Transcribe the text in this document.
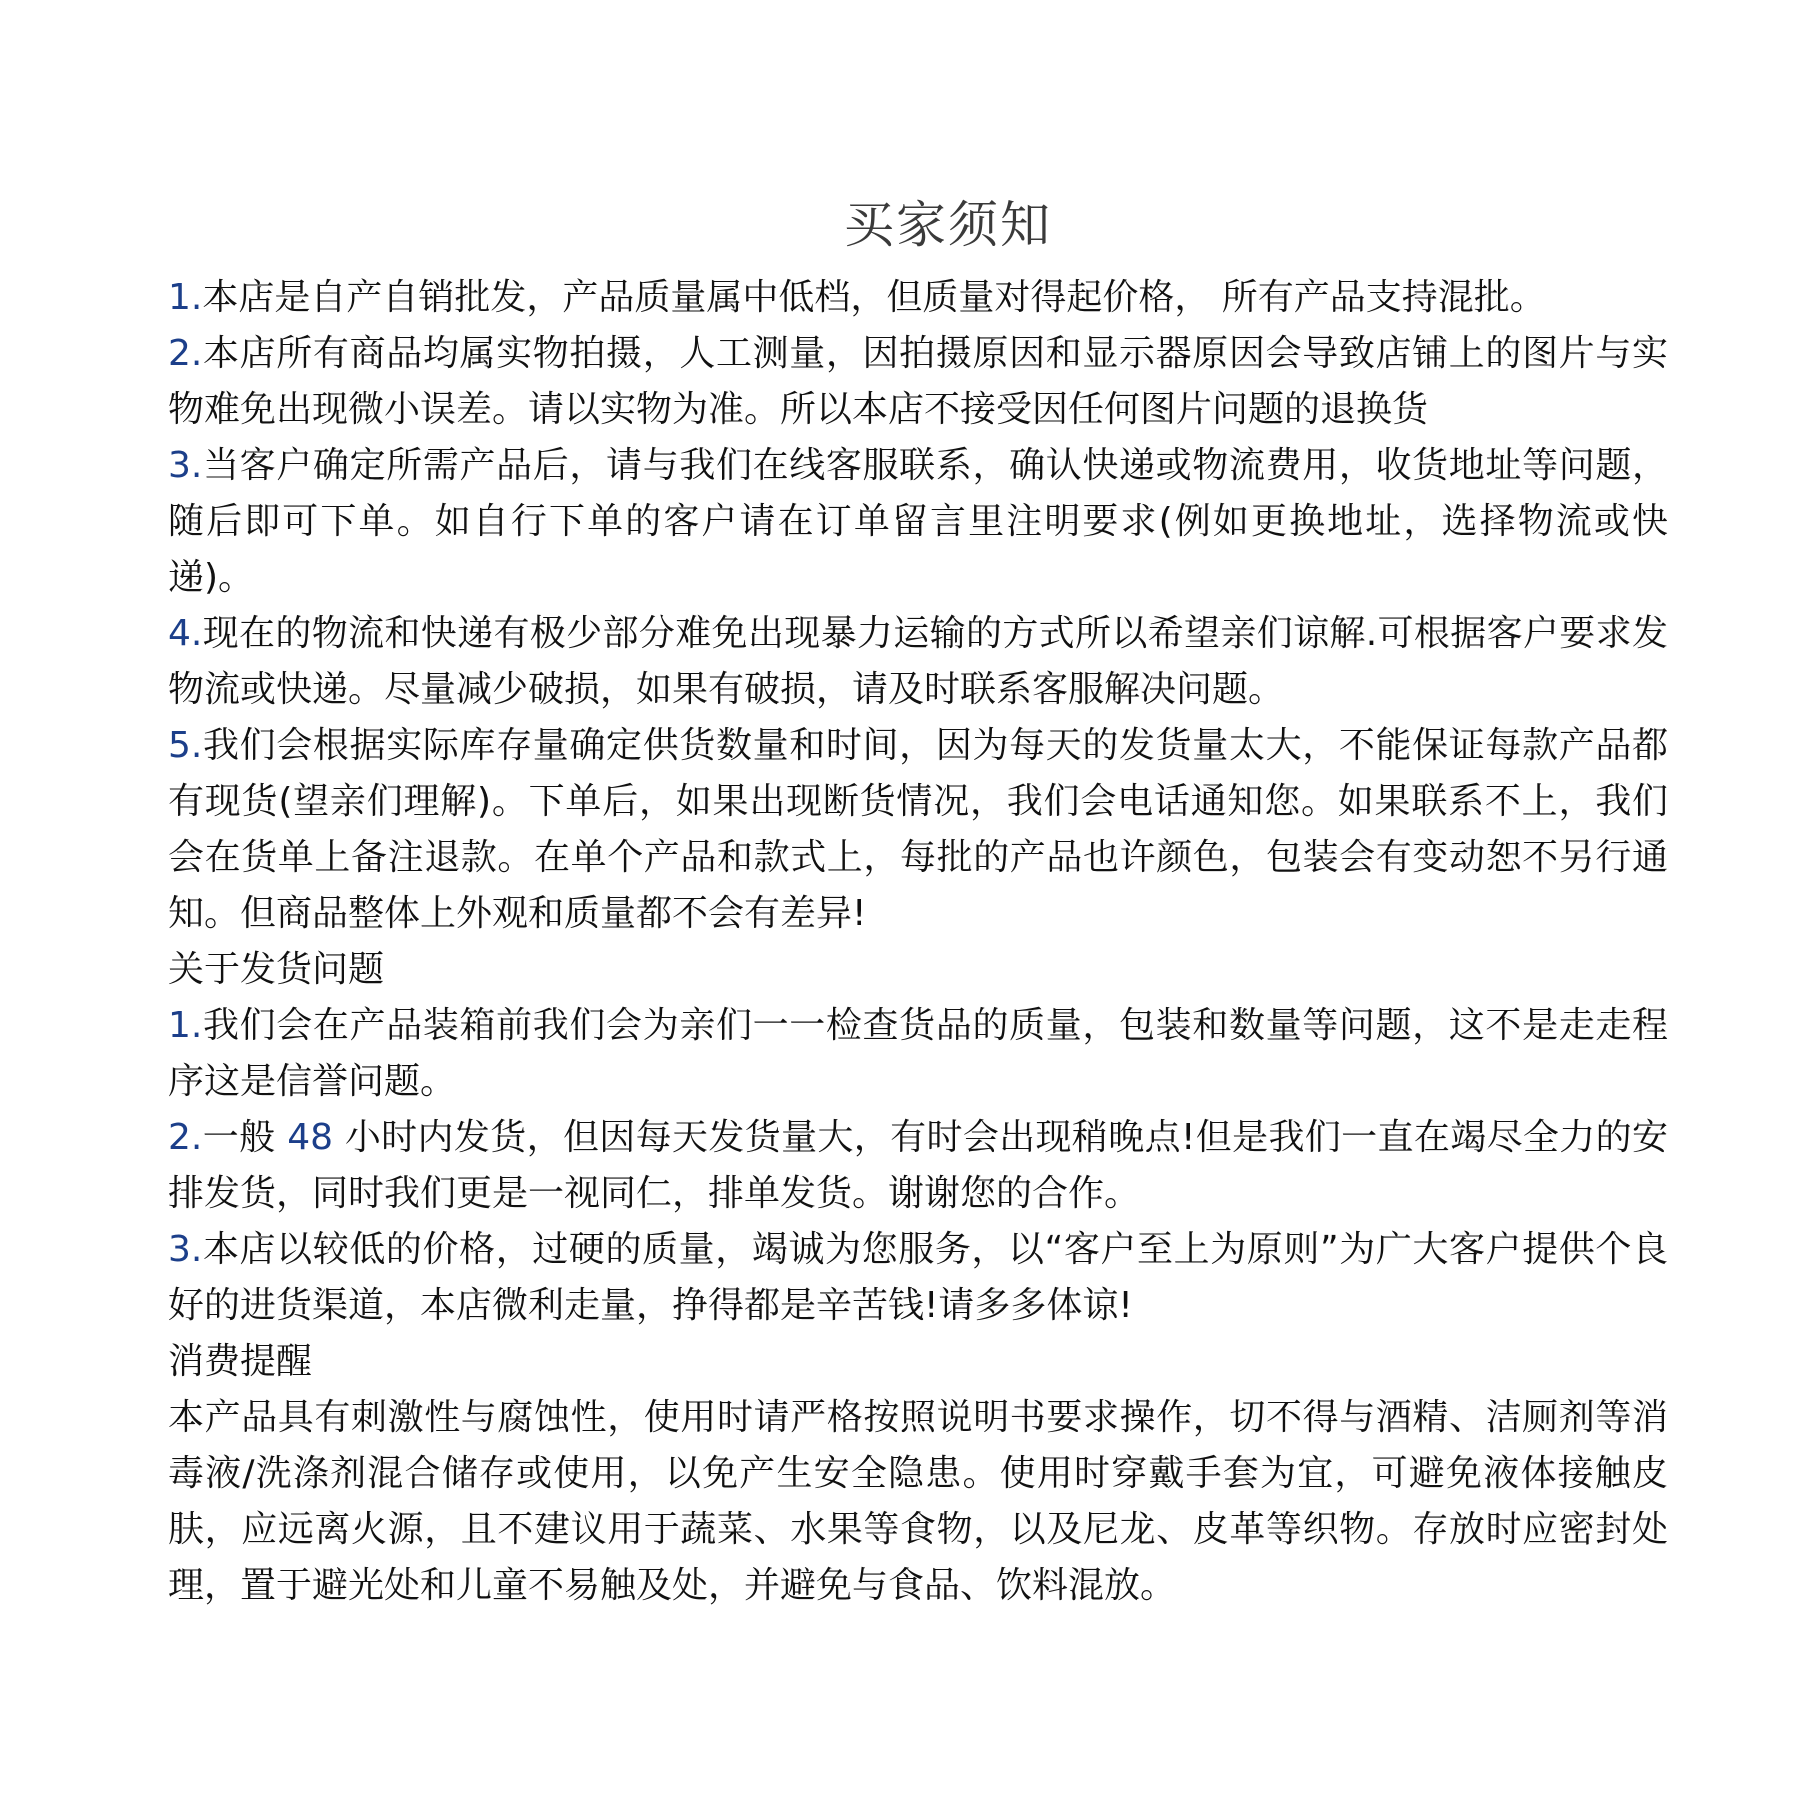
买家须知

1.本店是自产自销批发，产品质量属中低档，但质量对得起价格， 所有产品支持混批。

2.本店所有商品均属实物拍摄，人工测量，因拍摄原因和显示器原因会导致店铺上的图片与实物难免出现微小误差。请以实物为准。所以本店不接受因任何图片问题的退换货

3.当客户确定所需产品后，请与我们在线客服联系，确认快递或物流费用，收货地址等问题，随后即可下单。如自行下单的客户请在订单留言里注明要求(例如更换地址，选择物流或快递)。

4.现在的物流和快递有极少部分难免出现暴力运输的方式所以希望亲们谅解.可根据客户要求发物流或快递。尽量减少破损，如果有破损，请及时联系客服解决问题。

5.我们会根据实际库存量确定供货数量和时间，因为每天的发货量太大，不能保证每款产品都有现货(望亲们理解)。下单后，如果出现断货情况，我们会电话通知您。如果联系不上，我们会在货单上备注退款。在单个产品和款式上，每批的产品也许颜色，包装会有变动恕不另行通知。但商品整体上外观和质量都不会有差异!

关于发货问题

1.我们会在产品装箱前我们会为亲们一一检查货品的质量，包装和数量等问题，这不是走走程序这是信誉问题。

2.一般 48 小时内发货，但因每天发货量大，有时会出现稍晚点!但是我们一直在竭尽全力的安排发货，同时我们更是一视同仁，排单发货。谢谢您的合作。

3.本店以较低的价格，过硬的质量，竭诚为您服务，以“客户至上为原则”为广大客户提供个良好的进货渠道，本店微利走量，挣得都是辛苦钱!请多多体谅!

消费提醒

本产品具有刺激性与腐蚀性，使用时请严格按照说明书要求操作，切不得与酒精、洁厕剂等消毒液/洗涤剂混合储存或使用，以免产生安全隐患。使用时穿戴手套为宜，可避免液体接触皮肤，应远离火源，且不建议用于蔬菜、水果等食物，以及尼龙、皮革等织物。存放时应密封处理，置于避光处和儿童不易触及处，并避免与食品、饮料混放。
